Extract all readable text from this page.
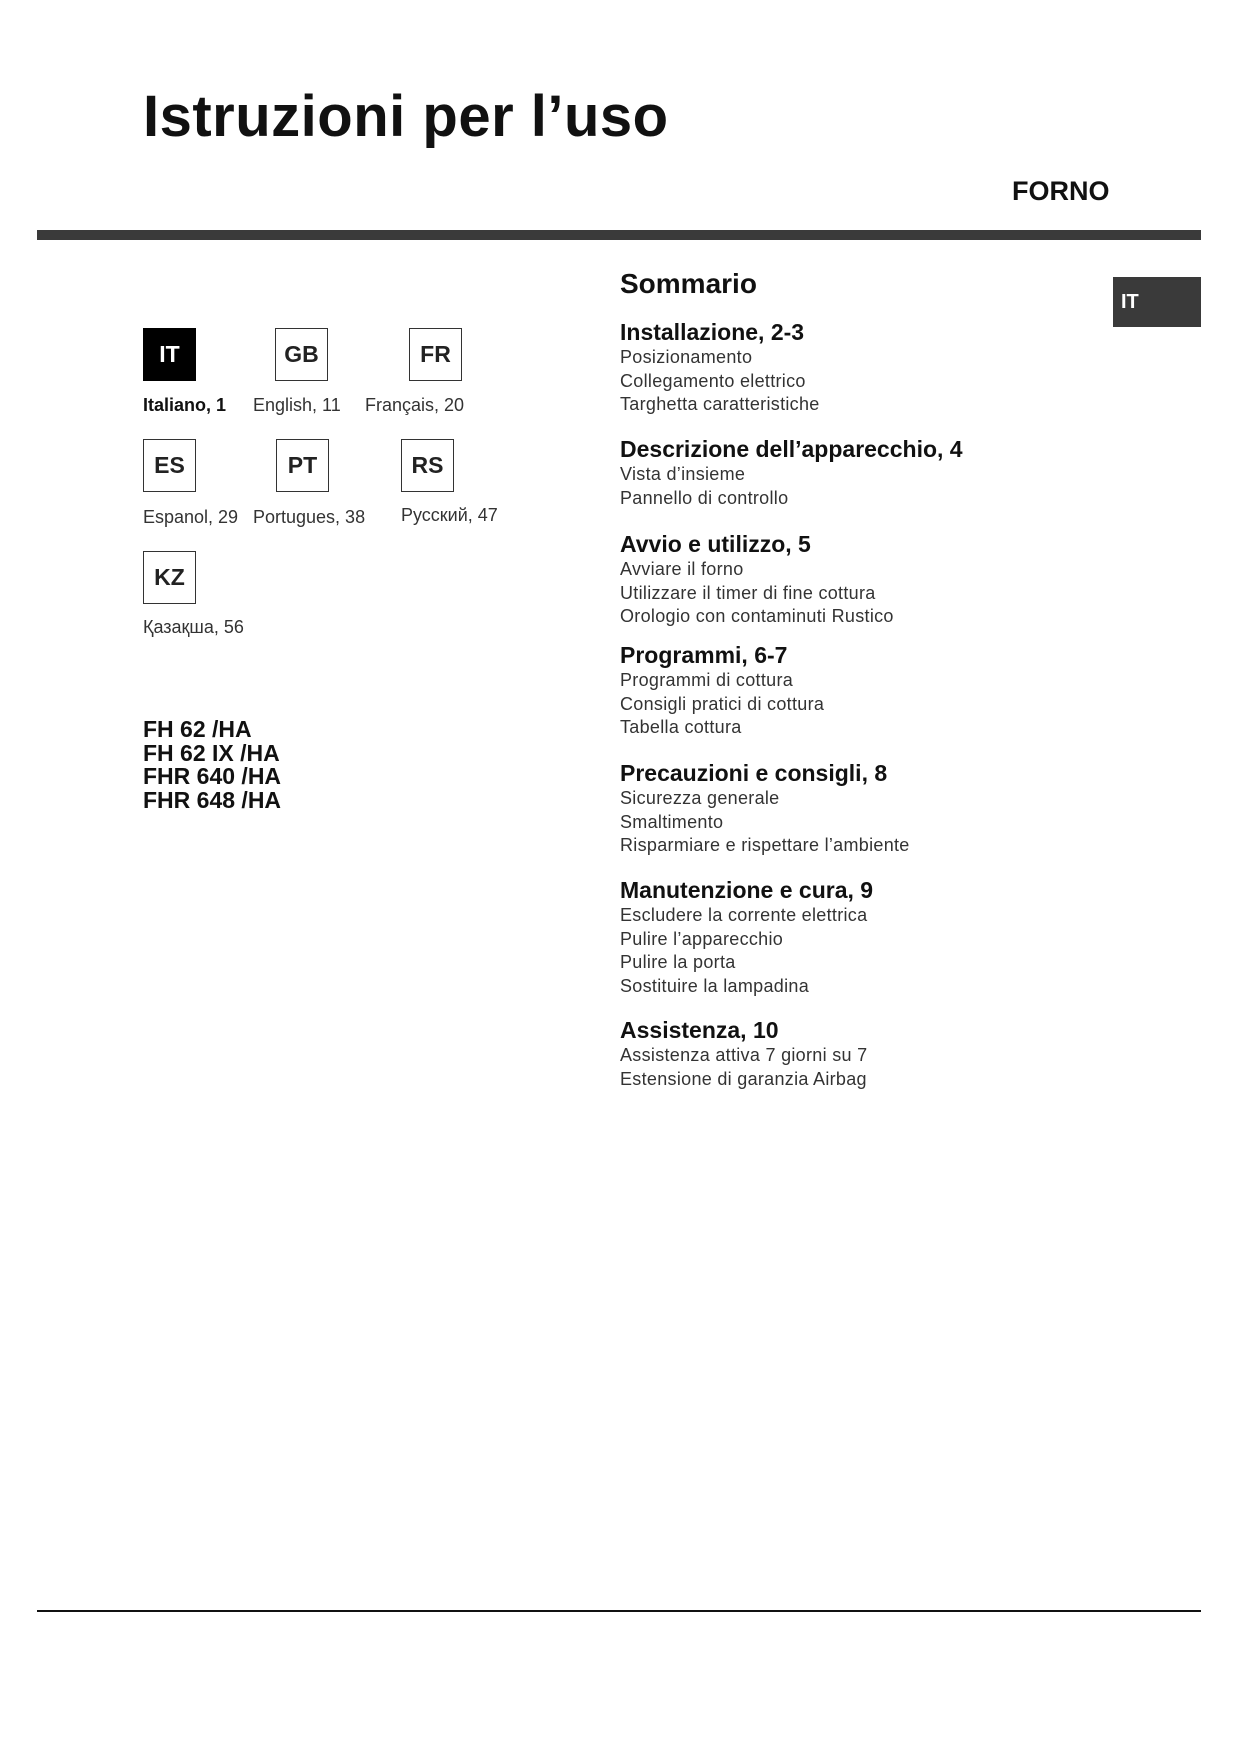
Istruzioni per l’uso
FORNO
IT
IT	GB	FR
Italiano, 1 English, 11 Français, 20
ES	PT	RS
Espanol, 29 Portugues, 38 Русский, 47
KZ
Қазақша, 56
FH 62 /HA
FH 62 IX /HA
FHR 640 /HA
FHR 648 /HA
Sommario
Installazione, 2-3
Posizionamento
Collegamento elettrico
Targhetta caratteristiche
Descrizione dell’apparecchio, 4
Vista d’insieme
Pannello di controllo
Avvio e utilizzo, 5
Avviare il forno
Utilizzare il timer di fine cottura
Orologio con contaminuti Rustico
Programmi, 6-7
Programmi di cottura
Consigli pratici di cottura
Tabella cottura
Precauzioni e consigli, 8
Sicurezza generale
Smaltimento
Risparmiare e rispettare l’ambiente
Manutenzione e cura, 9
Escludere la corrente elettrica
Pulire l’apparecchio
Pulire la porta
Sostituire la lampadina
Assistenza, 10
Assistenza attiva 7 giorni su 7
Estensione di garanzia Airbag
